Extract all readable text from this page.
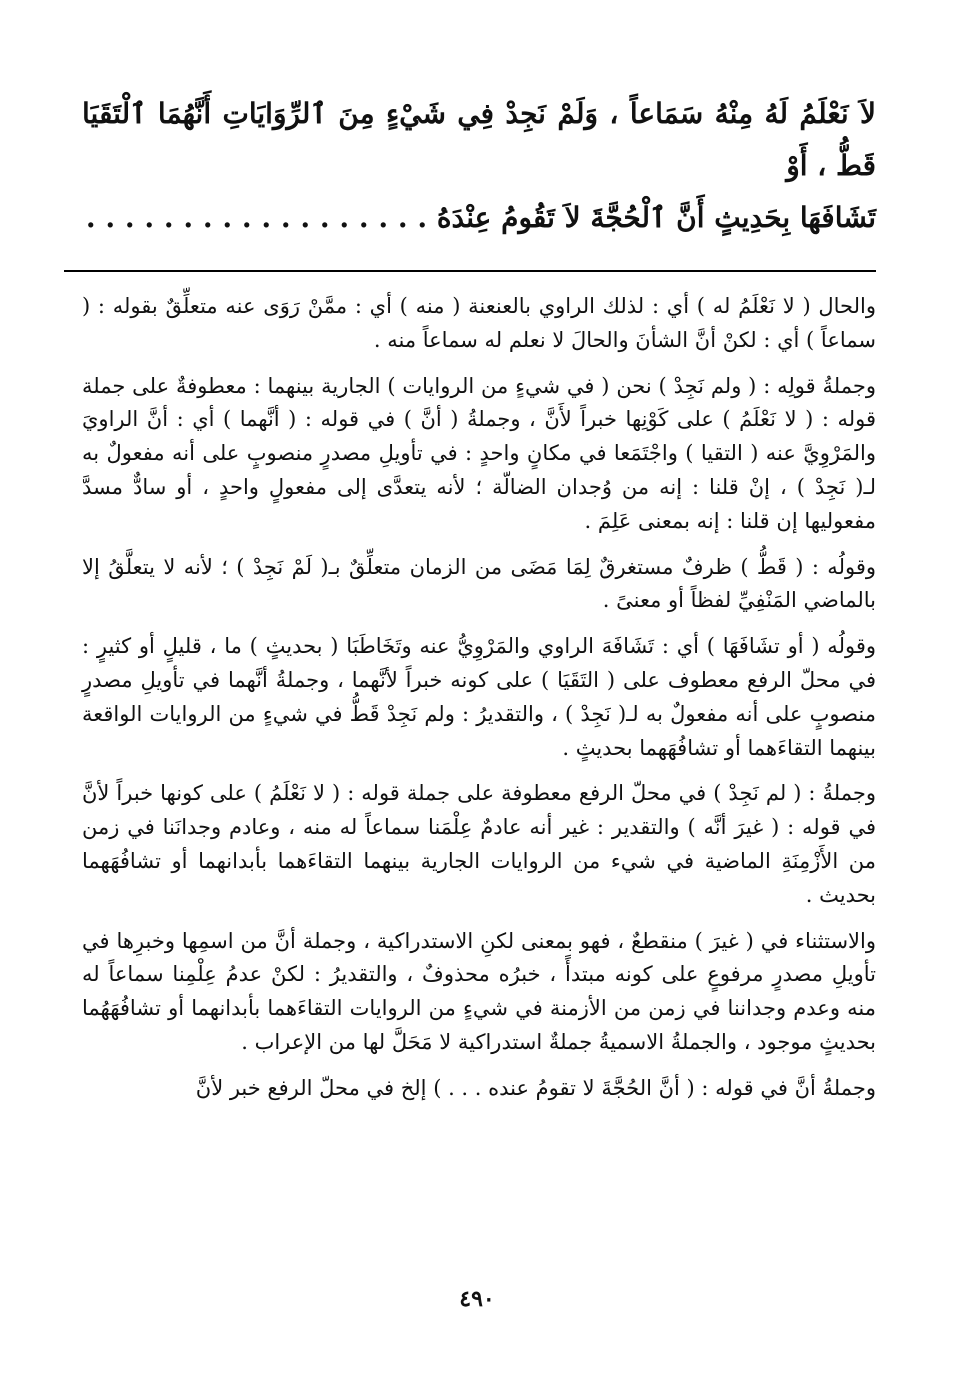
لاَ نَعْلَمُ لَهُ مِنْهُ سَمَاعاً ، وَلَمْ نَجِدْ فِي شَيْءٍ مِنَ ٱلرِّوَايَاتِ أَنَّهُمَا ٱلْتَقَيَا قَطُّ ، أَوْ

تَشَافَهَا بِحَدِيثٍ أَنَّ ٱلْحُجَّةَ لاَ تَقُومُ عِنْدَهُ . . . . . . . . . . . . . . . . . .

والحال ( لا نَعْلَمُ له ) أي : لذلك الراوي بالعنعنة ( منه ) أي : ممَّنْ رَوَى عنه متعلِّقٌ بقوله : ( سماعاً ) أي : لكنْ أنَّ الشأنَ والحالَ لا نعلم له سماعاً منه .

وجملةُ قولِه : ( ولم نَجِدْ ) نحن ( في شيءٍ من الروايات ) الجارية بينهما : معطوفةٌ على جملة قوله : ( لا نَعْلَمُ ) على كَوْنِها خبراً لأَنَّ ، وجملةُ ( أنَّ ) في قوله : ( أنَّهما ) أي : أنَّ الراويَ والمَرْوِيَّ عنه ( التقيا ) واجْتَمَعا في مكانٍ واحدٍ : في تأويلِ مصدرٍ منصوبٍ على أنه مفعولٌ به لـ( نَجِدْ ) ، إنْ قلنا : إنه من وُجدان الضالّة ؛ لأنه يتعدَّى إلى مفعولٍ واحدٍ ، أو سادٌّ مسدَّ مفعوليها إن قلنا : إنه بمعنى عَلِمَ .

وقولُه : ( قَطُّ ) ظرفٌ مستغرقٌ لِمَا مَضَى من الزمان متعلِّقٌ بـ( لَمْ نَجِدْ ) ؛ لأنه لا يتعلَّقُ إلا بالماضي المَنْفِيِّ لفظاً أو معنىً .

وقولُه ( أو تشَافَهَا ) أي : تَشَافَهَ الراوي والمَرْوِيُّ عنه وتَخَاطَبَا ( بحديثٍ ) ما ، قليلٍ أو كثيرٍ : في محلّ الرفع معطوف على ( التَقَيَا ) على كونه خبراً لأنَّهما ، وجملةُ أنَّهما في تأويلِ مصدرٍ منصوبٍ على أنه مفعولٌ به لـ( نَجِدْ ) ، والتقديرُ : ولم نَجِدْ قَطُّ في شيءٍ من الروايات الواقعة بينهما التقاءَهما أو تشافُهَهما بحديثٍ .

وجملةُ : ( لم نَجِدْ ) في محلّ الرفع معطوفة على جملة قوله : ( لا نَعْلَمُ ) على كونها خبراً لأنَّ في قوله : ( غيرَ أنَّه ) والتقدير : غير أنه عادمٌ عِلْمَنا سماعاً له منه ، وعادم وجدانَنا في زمن من الأَزْمِنَةِ الماضية في شيء من الروايات الجارية بينهما التقاءَهما بأبدانهما أو تشافُهَهما بحديث .

والاستثناء في ( غيرَ ) منقطعٌ ، فهو بمعنى لكنِ الاستدراكية ، وجملة أنَّ من اسمِها وخبرِها في تأويلِ مصدرٍ مرفوعٍ على كونه مبتدأً ، خبرُه محذوفٌ ، والتقديرُ : لكنْ عدمُ عِلْمِنا سماعاً له منه وعدم وجداننا في زمن من الأزمنة في شيءٍ من الروايات التقاءَهما بأبدانهما أو تشافُهَهُما بحديثٍ موجود ، والجملةُ الاسميةُ جملةٌ استدراكية لا مَحَلَّ لها من الإعراب .

وجملةُ أنَّ في قوله : ( أنَّ الحُجَّةَ لا تقومُ عنده . . . ) إلخ في محلّ الرفع خبر لأنَّ

٤٩٠
